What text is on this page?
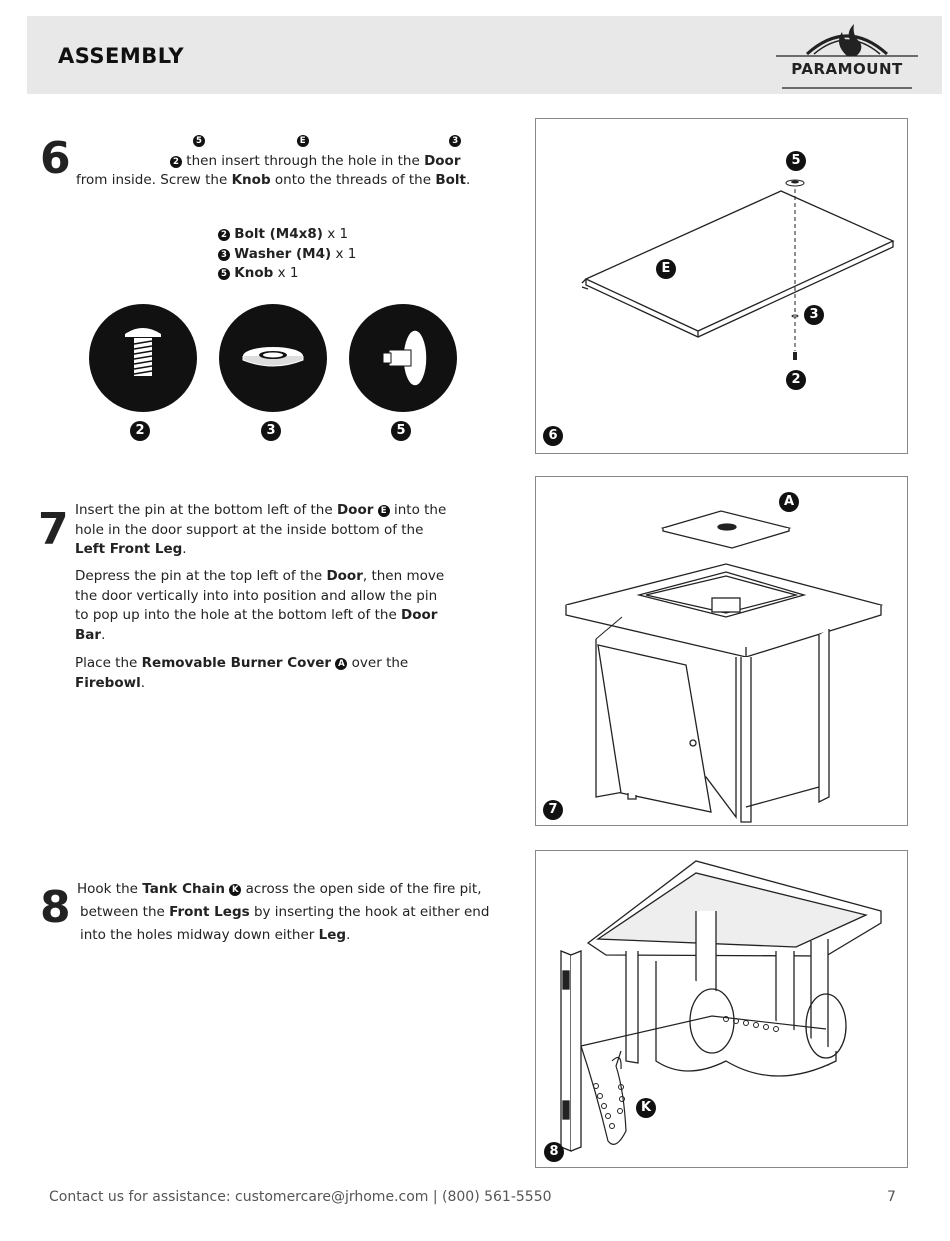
ASSEMBLY
PARAMOUNT
6	5	E	3
2 then insert through the hole in the Door
from inside. Screw the Knob onto the threads of the Bolt.
2 Bolt (M4x8) x 1
3 Washer (M4) x 1
5 Knob x 1
2	3	5
5
E
3
2
6
7 Insert the pin at the bottom left of the Door E into the
hole in the door support at the inside bottom of the
Left Front Leg.
Depress the pin at the top left of the Door, then move
the door vertically into into position and allow the pin
to pop up into the hole at the bottom left of the Door
Bar.
Place the Removable Burner Cover A over the
Firebowl.
A
7
8 Hook the Tank Chain K across the open side of the fire pit,
between the Front Legs by inserting the hook at either end
into the holes midway down either Leg.
K
8
Contact us for assistance: customercare@jrhome.com | (800) 561-5550	7
